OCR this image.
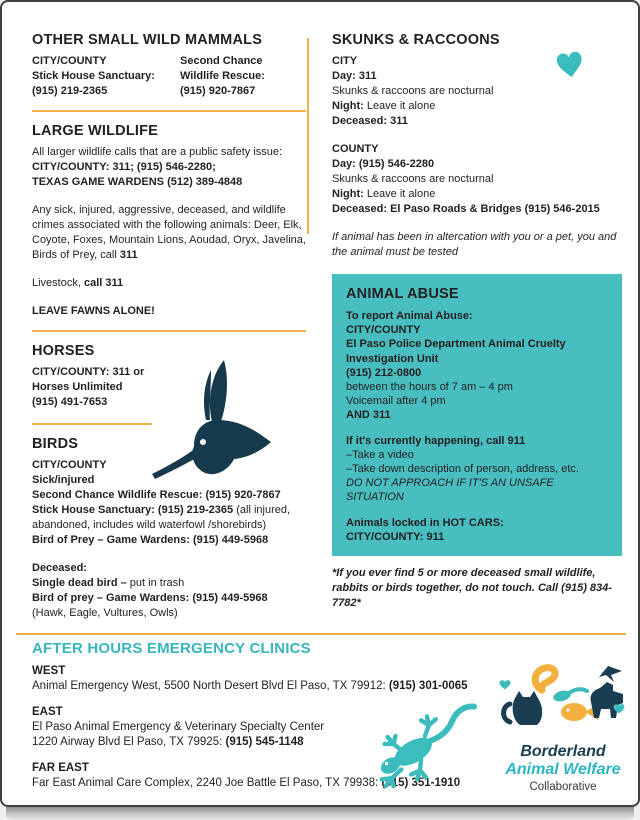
OTHER SMALL WILD MAMMALS

CITY/COUNTY

Stick House Sanctuary:

(915) 219-2365

Second Chance

Wildlife Rescue:

(915) 920-7867

LARGE WILDLIFE

All larger wildlife calls that are a public safety issue:

CITY/COUNTY: 311; (915) 546-2280;

TEXAS GAME WARDENS (512) 389-4848

Any sick, injured, aggressive, deceased, and wildlife crimes associated with the following animals: Deer, Elk, Coyote, Foxes, Mountain Lions, Aoudad, Oryx, Javelina, Birds of Prey, call 311

Livestock, call 311

LEAVE FAWNS ALONE!

HORSES

CITY/COUNTY: 311 or

Horses Unlimited

(915) 491-7653

BIRDS

CITY/COUNTY

Sick/injured

Second Chance Wildlife Rescue: (915) 920-7867

Stick House Sanctuary: (915) 219-2365 (all injured, abandoned, includes wild waterfowl /shorebirds)

Bird of Prey – Game Wardens: (915) 449-5968

Deceased:

Single dead bird – put in trash

Bird of prey – Game Wardens: (915) 449-5968

(Hawk, Eagle, Vultures, Owls)

SKUNKS & RACCOONS

CITY

Day: 311

Skunks & raccoons are nocturnal

Night: Leave it alone

Deceased: 311

COUNTY

Day: (915) 546-2280

Skunks & raccoons are nocturnal

Night: Leave it alone

Deceased: El Paso Roads & Bridges (915) 546-2015

If animal has been in altercation with you or a pet, you and the animal must be tested

ANIMAL ABUSE

To report Animal Abuse:

CITY/COUNTY

El Paso Police Department Animal Cruelty Investigation Unit

(915) 212-0800

between the hours of 7 am – 4 pm

Voicemail after 4 pm

AND 311

If it's currently happening, call 911

–Take a video

–Take down description of person, address, etc.

DO NOT APPROACH IF IT'S AN UNSAFE SITUATION

Animals locked in HOT CARS:

CITY/COUNTY: 911

*If you ever find 5 or more deceased small wildlife, rabbits or birds together, do not touch. Call (915) 834-7782*

AFTER HOURS EMERGENCY CLINICS

WEST

Animal Emergency West, 5500 North Desert Blvd El Paso, TX 79912: (915) 301-0065

EAST

El Paso Animal Emergency & Veterinary Specialty Center

1220 Airway Blvd El Paso, TX 79925: (915) 545-1148

FAR EAST

Far East Animal Care Complex, 2240 Joe Battle El Paso, TX 79938: (915) 351-1910

Borderland
Animal Welfare
Collaborative
